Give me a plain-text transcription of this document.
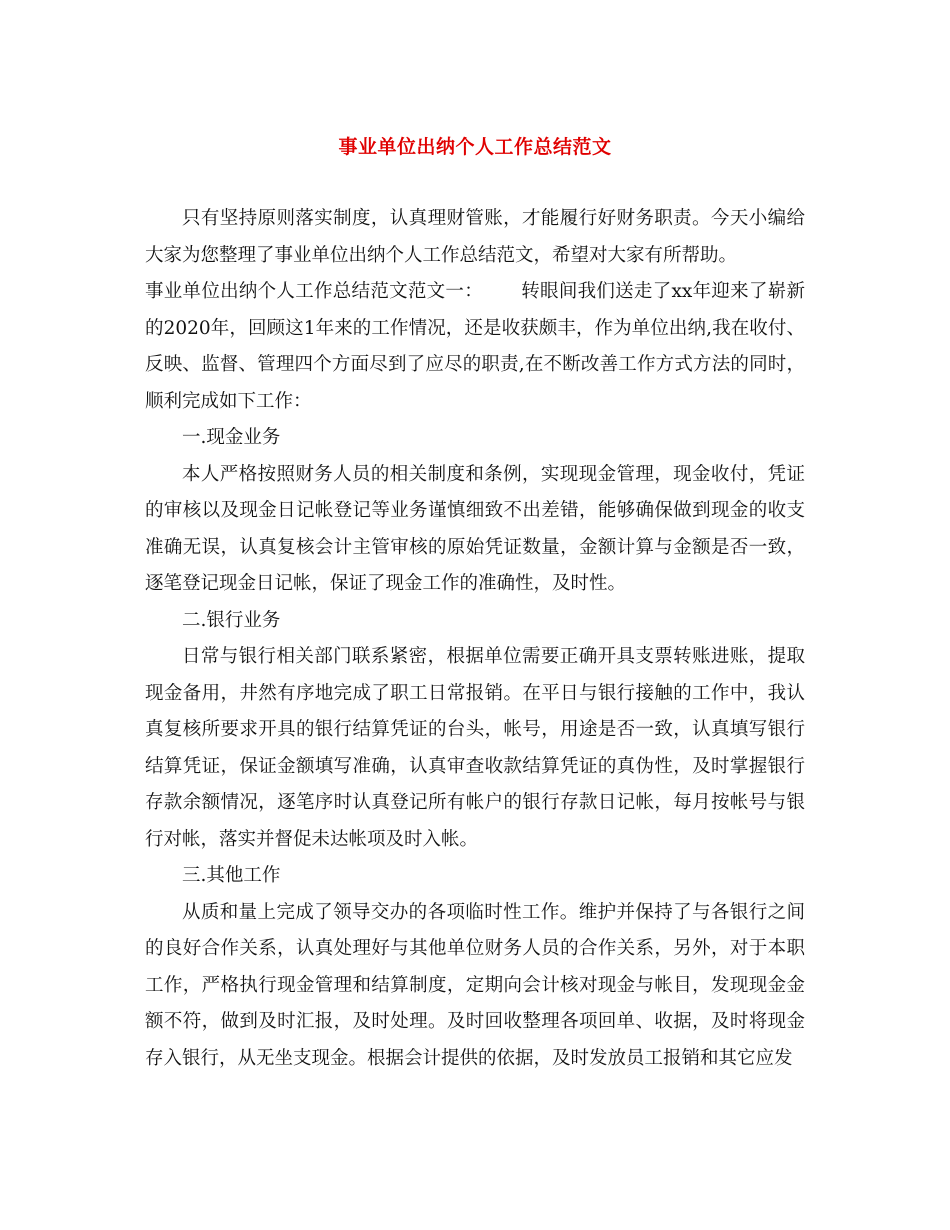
事业单位出纳个人工作总结范文

只有坚持原则落实制度，认真理财管账，才能履行好财务职责。今天小编给大家为您整理了事业单位出纳个人工作总结范文，希望对大家有所帮助。

事业单位出纳个人工作总结范文范文一： 转眼间我们送走了xx年迎来了崭新的2020年，回顾这1年来的工作情况，还是收获颇丰，作为单位出纳,我在收付、反映、监督、管理四个方面尽到了应尽的职责,在不断改善工作方式方法的同时，顺利完成如下工作：

一.现金业务

本人严格按照财务人员的相关制度和条例，实现现金管理，现金收付，凭证的审核以及现金日记帐登记等业务谨慎细致不出差错，能够确保做到现金的收支准确无误，认真复核会计主管审核的原始凭证数量，金额计算与金额是否一致，逐笔登记现金日记帐，保证了现金工作的准确性，及时性。

二.银行业务

日常与银行相关部门联系紧密，根据单位需要正确开具支票转账进账，提取现金备用，井然有序地完成了职工日常报销。在平日与银行接触的工作中，我认真复核所要求开具的银行结算凭证的台头，帐号，用途是否一致，认真填写银行结算凭证，保证金额填写准确，认真审查收款结算凭证的真伪性，及时掌握银行存款余额情况，逐笔序时认真登记所有帐户的银行存款日记帐，每月按帐号与银行对帐，落实并督促未达帐项及时入帐。

三.其他工作

从质和量上完成了领导交办的各项临时性工作。维护并保持了与各银行之间的良好合作关系，认真处理好与其他单位财务人员的合作关系，另外，对于本职工作，严格执行现金管理和结算制度，定期向会计核对现金与帐目，发现现金金额不符，做到及时汇报，及时处理。及时回收整理各项回单、收据，及时将现金存入银行，从无坐支现金。根据会计提供的依据，及时发放员工报销和其它应发
